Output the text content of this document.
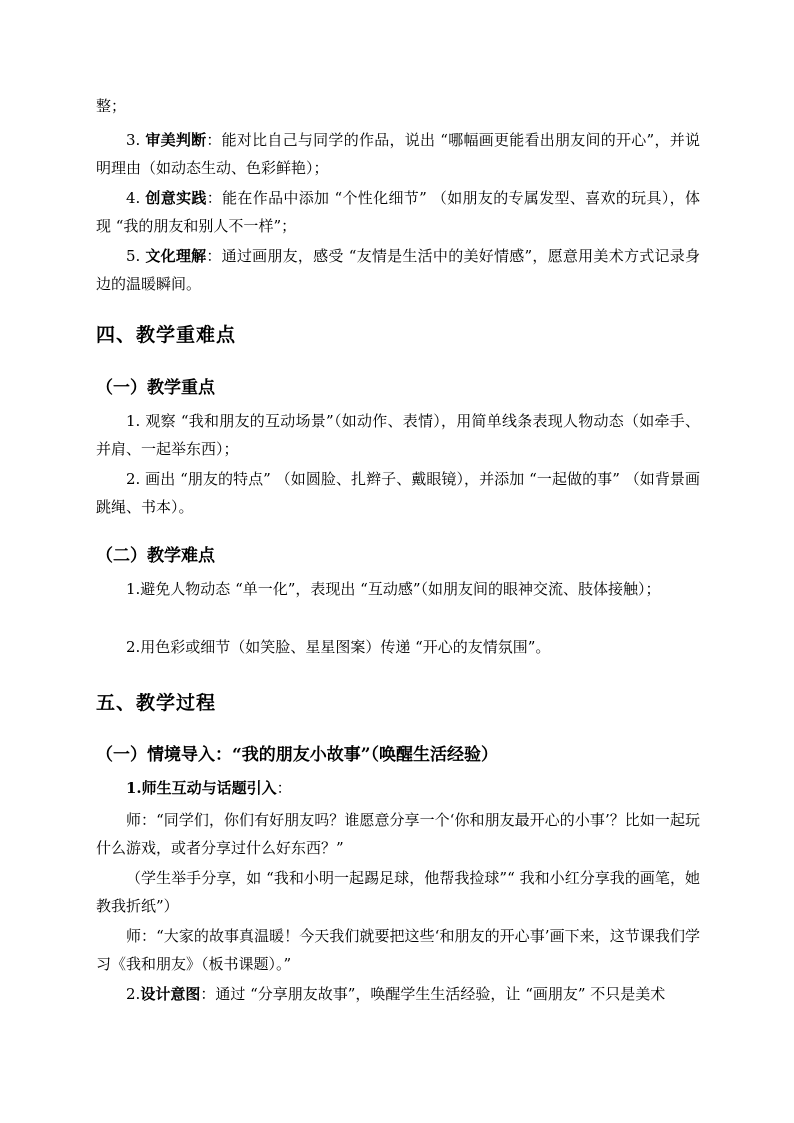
整；

3. 审美判断：能对比自己与同学的作品，说出 “哪幅画更能看出朋友间的开心”，并说明理由（如动态生动、色彩鲜艳）；

4. 创意实践：能在作品中添加 “个性化细节” （如朋友的专属发型、喜欢的玩具），体现 “我的朋友和别人不一样”；

5. 文化理解：通过画朋友，感受 “友情是生活中的美好情感”，愿意用美术方式记录身边的温暖瞬间。

四、教学重难点
（一）教学重点

1. 观察 “我和朋友的互动场景”（如动作、表情），用简单线条表现人物动态（如牵手、并肩、一起举东西）；

2. 画出 “朋友的特点” （如圆脸、扎辫子、戴眼镜），并添加 “一起做的事” （如背景画跳绳、书本）。

（二）教学难点

1.避免人物动态 “单一化”，表现出 “互动感”（如朋友间的眼神交流、肢体接触）；

2.用色彩或细节（如笑脸、星星图案）传递 “开心的友情氛围”。

五、教学过程
（一）情境导入：“我的朋友小故事”（唤醒生活经验）

1.师生互动与话题引入：

师：“同学们，你们有好朋友吗？谁愿意分享一个‘你和朋友最开心的小事’？比如一起玩什么游戏，或者分享过什么好东西？”

（学生举手分享，如 “我和小明一起踢足球，他帮我捡球”“ 我和小红分享我的画笔，她教我折纸”）

师：“大家的故事真温暖！今天我们就要把这些‘和朋友的开心事’画下来，这节课我们学习《我和朋友》（板书课题）。”

2.设计意图：通过 “分享朋友故事”，唤醒学生生活经验，让 “画朋友” 不只是美术
